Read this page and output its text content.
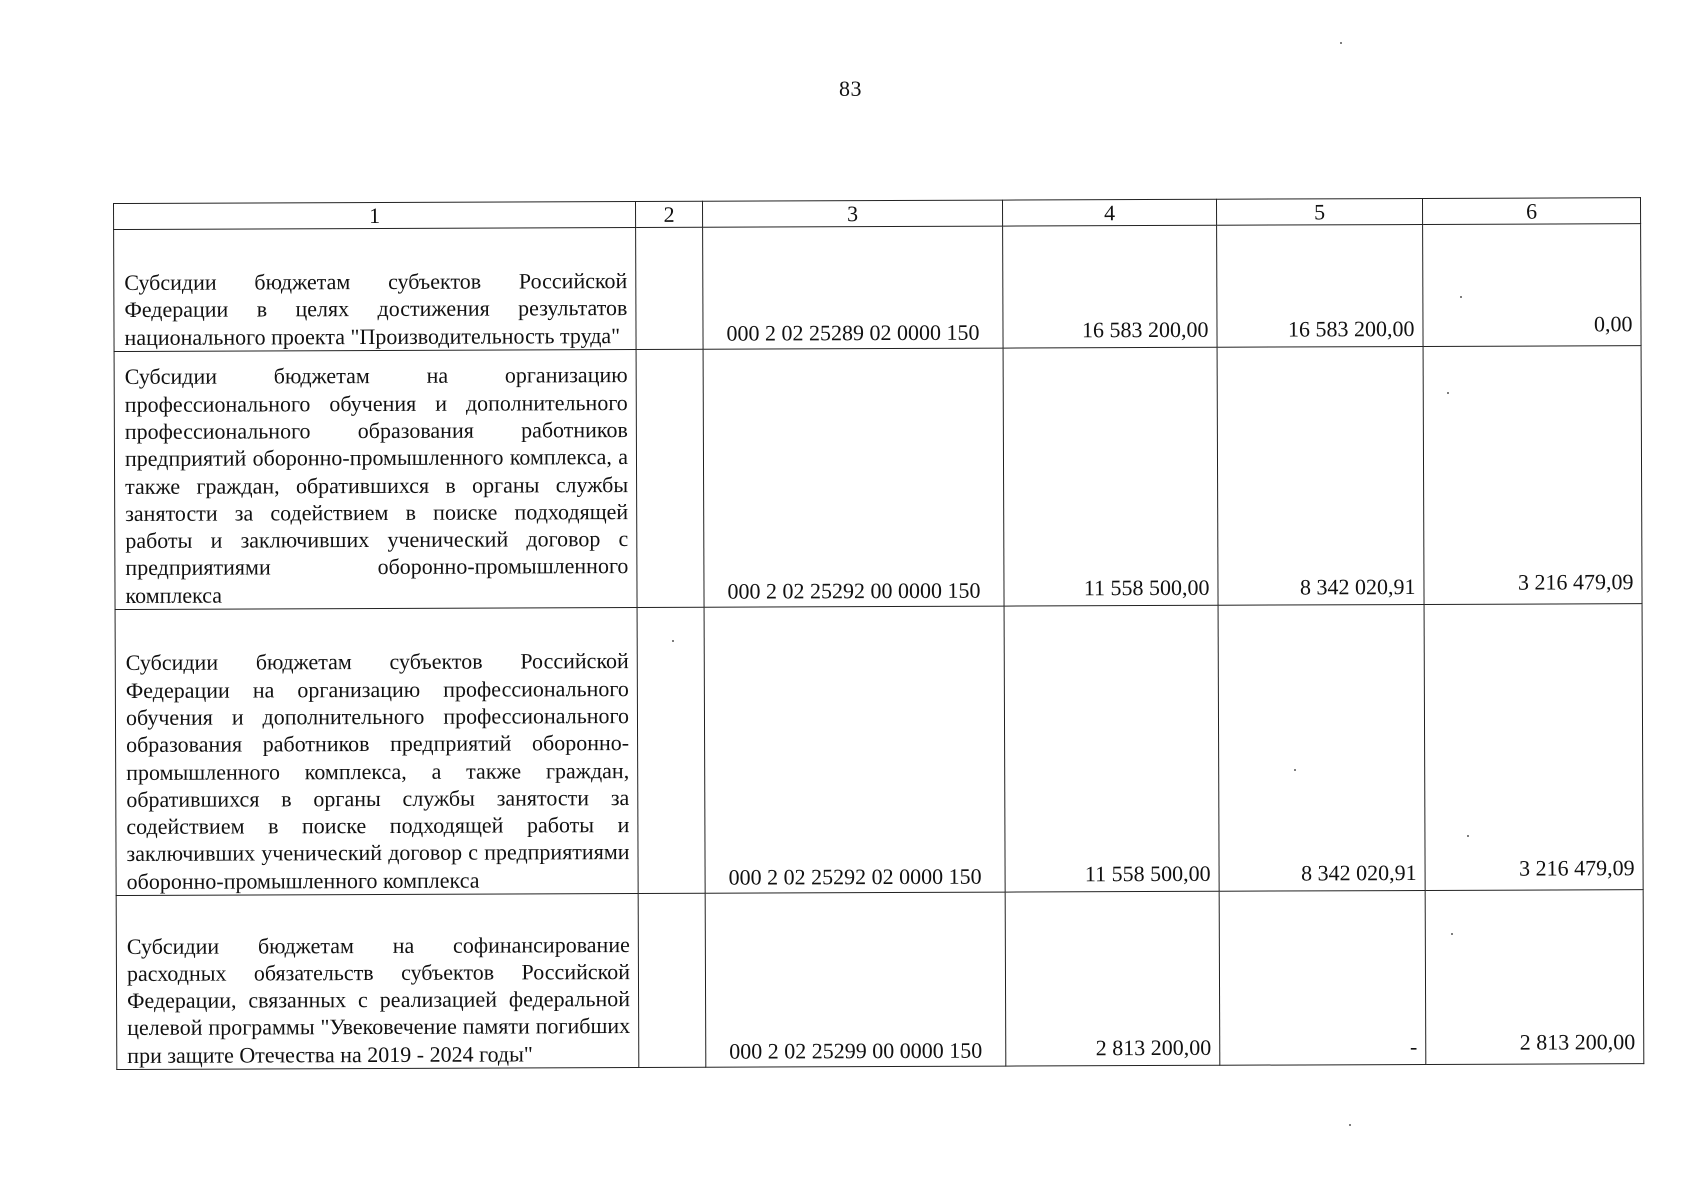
83
1	2	3	4	5	6
Субсидии бюджетам субъектов Российской Федерации в целях достижения результатов национального проекта "Производительность труда"		000 2 02 25289 02 0000 150	16 583 200,00	16 583 200,00	0,00
Субсидии бюджетам на организацию профессионального обучения и дополнительного профессионального образования работников предприятий оборонно-промышленного комплекса, а также граждан, обратившихся в органы службы занятости за содействием в поиске подходящей работы и заключивших ученический договор с предприятиями оборонно-промышленного комплекса		000 2 02 25292 00 0000 150	11 558 500,00	8 342 020,91	3 216 479,09
Субсидии бюджетам субъектов Российской Федерации на организацию профессионального обучения и дополнительного профессионального образования работников предприятий оборонно-промышленного комплекса, а также граждан, обратившихся в органы службы занятости за содействием в поиске подходящей работы и заключивших ученический договор с предприятиями оборонно-промышленного комплекса		000 2 02 25292 02 0000 150	11 558 500,00	8 342 020,91	3 216 479,09
Субсидии бюджетам на софинансирование расходных обязательств субъектов Российской Федерации, связанных с реализацией федеральной целевой программы "Увековечение памяти погибших при защите Отечества на 2019 - 2024 годы"		000 2 02 25299 00 0000 150	2 813 200,00	-	2 813 200,00
